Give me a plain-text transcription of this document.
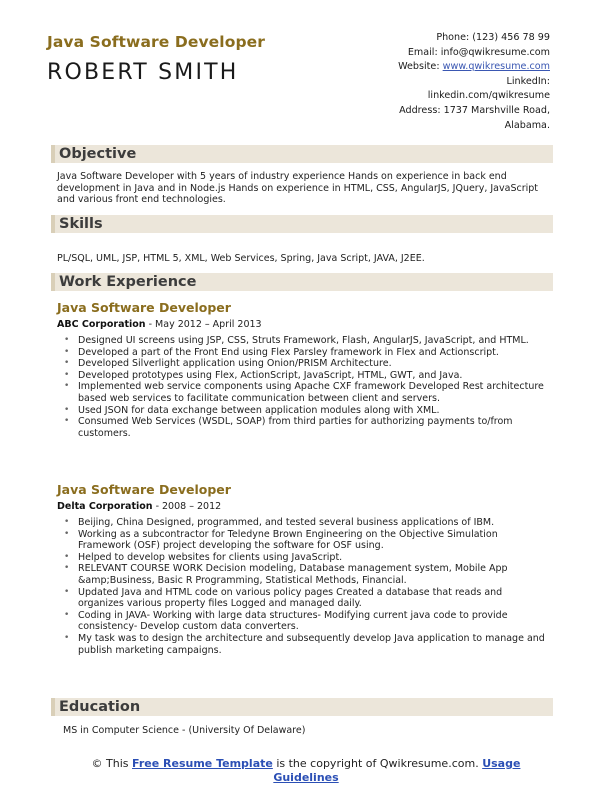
Java Software Developer
ROBERT SMITH
Phone: (123) 456 78 99
Email: info@qwikresume.com
Website: www.qwikresume.com
LinkedIn:
linkedin.com/qwikresume
Address: 1737 Marshville Road,
Alabama.
Objective
Java Software Developer with 5 years of industry experience Hands on experience in back end development in Java and in Node.js Hands on experience in HTML, CSS, AngularJS, JQuery, JavaScript and various front end technologies.
Skills
PL/SQL, UML, JSP, HTML 5, XML, Web Services, Spring, Java Script, JAVA, J2EE.
Work Experience
Java Software Developer
ABC Corporation - May 2012 – April 2013
• Designed UI screens using JSP, CSS, Struts Framework, Flash, AngularJS, JavaScript, and HTML.
• Developed a part of the Front End using Flex Parsley framework in Flex and Actionscript.
• Developed Silverlight application using Onion/PRISM Architecture.
• Developed prototypes using Flex, ActionScript, JavaScript, HTML, GWT, and Java.
• Implemented web service components using Apache CXF framework Developed Rest architecture based web services to facilitate communication between client and servers.
• Used JSON for data exchange between application modules along with XML.
• Consumed Web Services (WSDL, SOAP) from third parties for authorizing payments to/from customers.
Java Software Developer
Delta Corporation - 2008 – 2012
• Beijing, China Designed, programmed, and tested several business applications of IBM.
• Working as a subcontractor for Teledyne Brown Engineering on the Objective Simulation Framework (OSF) project developing the software for OSF using.
• Helped to develop websites for clients using JavaScript.
• RELEVANT COURSE WORK Decision modeling, Database management system, Mobile App &amp;Business, Basic R Programming, Statistical Methods, Financial.
• Updated Java and HTML code on various policy pages Created a database that reads and organizes various property files Logged and managed daily.
• Coding in JAVA- Working with large data structures- Modifying current java code to provide consistency- Develop custom data converters.
• My task was to design the architecture and subsequently develop Java application to manage and publish marketing campaigns.
Education
MS in Computer Science - (University Of Delaware)
© This Free Resume Template is the copyright of Qwikresume.com. Usage Guidelines
